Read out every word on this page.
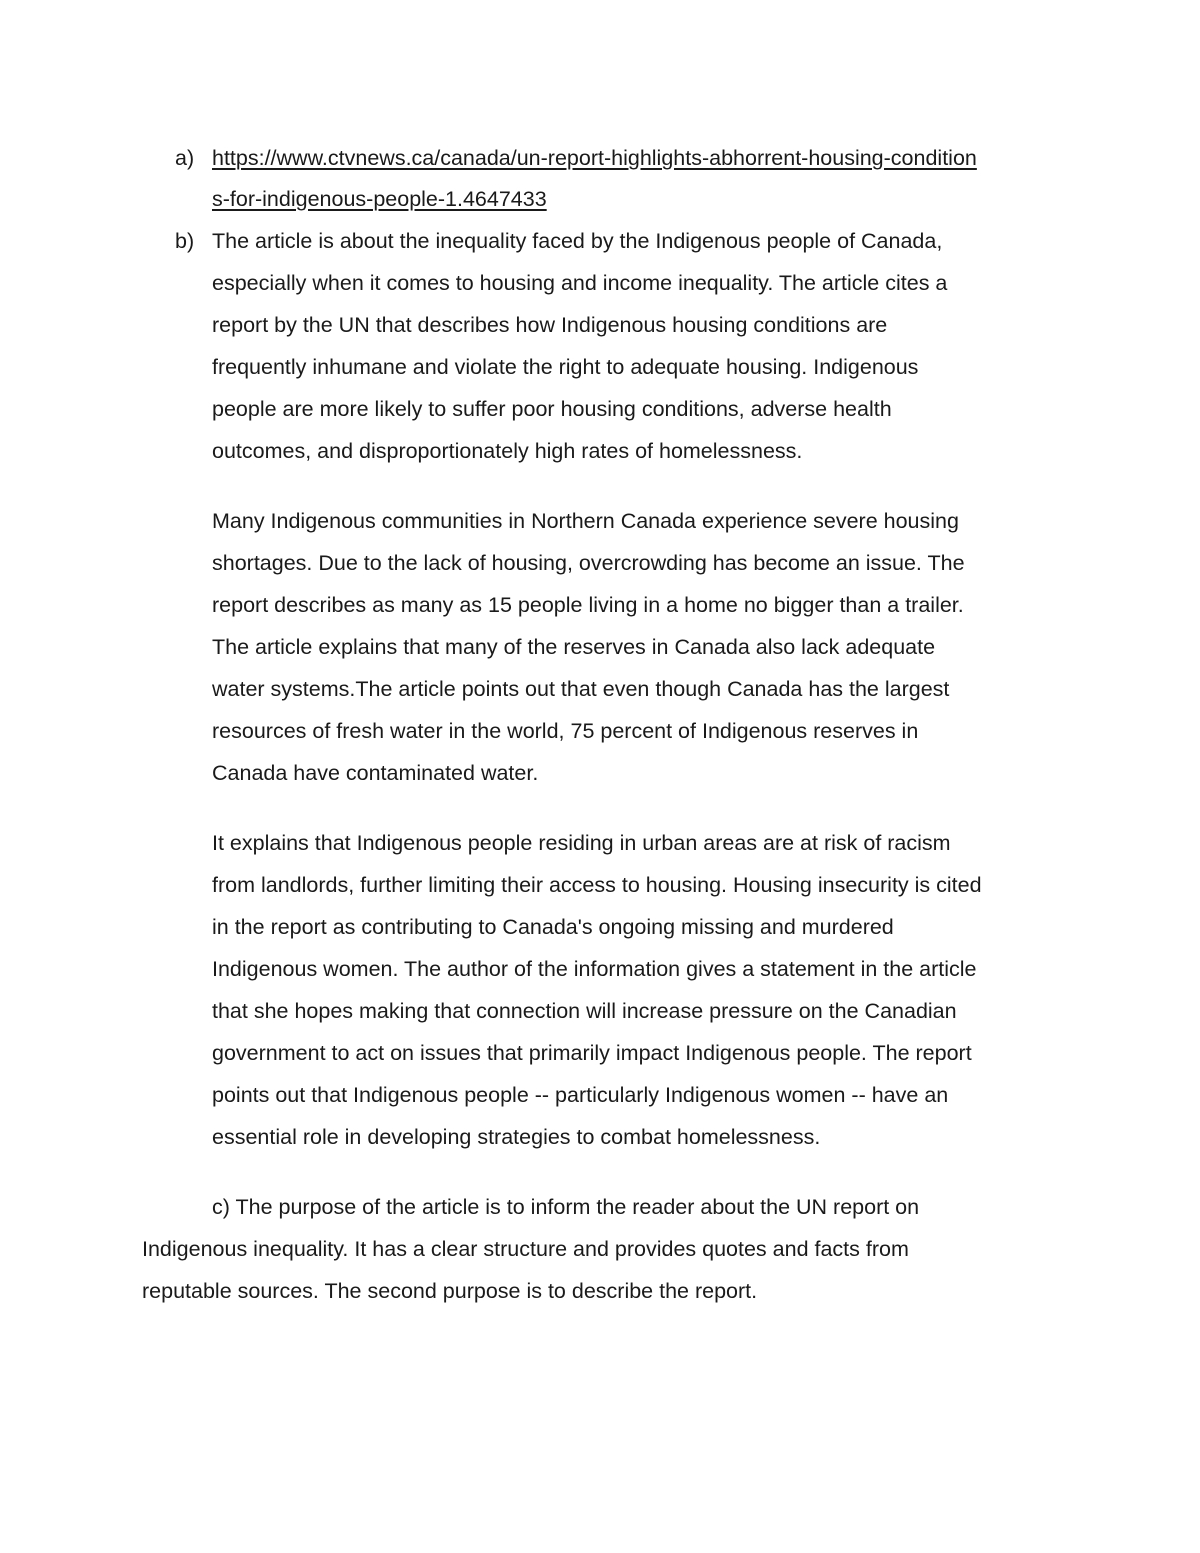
a) https://www.ctvnews.ca/canada/un-report-highlights-abhorrent-housing-condition
s-for-indigenous-people-1.4647433
b) The article is about the inequality faced by the Indigenous people of Canada,
especially when it comes to housing and income inequality. The article cites a
report by the UN that describes how Indigenous housing conditions are
frequently inhumane and violate the right to adequate housing. Indigenous
people are more likely to suffer poor housing conditions, adverse health
outcomes, and disproportionately high rates of homelessness.
Many Indigenous communities in Northern Canada experience severe housing
shortages. Due to the lack of housing, overcrowding has become an issue. The
report describes as many as 15 people living in a home no bigger than a trailer.
The article explains that many of the reserves in Canada also lack adequate
water systems.The article points out that even though Canada has the largest
resources of fresh water in the world, 75 percent of Indigenous reserves in
Canada have contaminated water.
It explains that Indigenous people residing in urban areas are at risk of racism
from landlords, further limiting their access to housing. Housing insecurity is cited
in the report as contributing to Canada's ongoing missing and murdered
Indigenous women. The author of the information gives a statement in the article
that she hopes making that connection will increase pressure on the Canadian
government to act on issues that primarily impact Indigenous people. The report
points out that Indigenous people -- particularly Indigenous women -- have an
essential role in developing strategies to combat homelessness.
c) The purpose of the article is to inform the reader about the UN report on
Indigenous inequality. It has a clear structure and provides quotes and facts from
reputable sources. The second purpose is to describe the report.
